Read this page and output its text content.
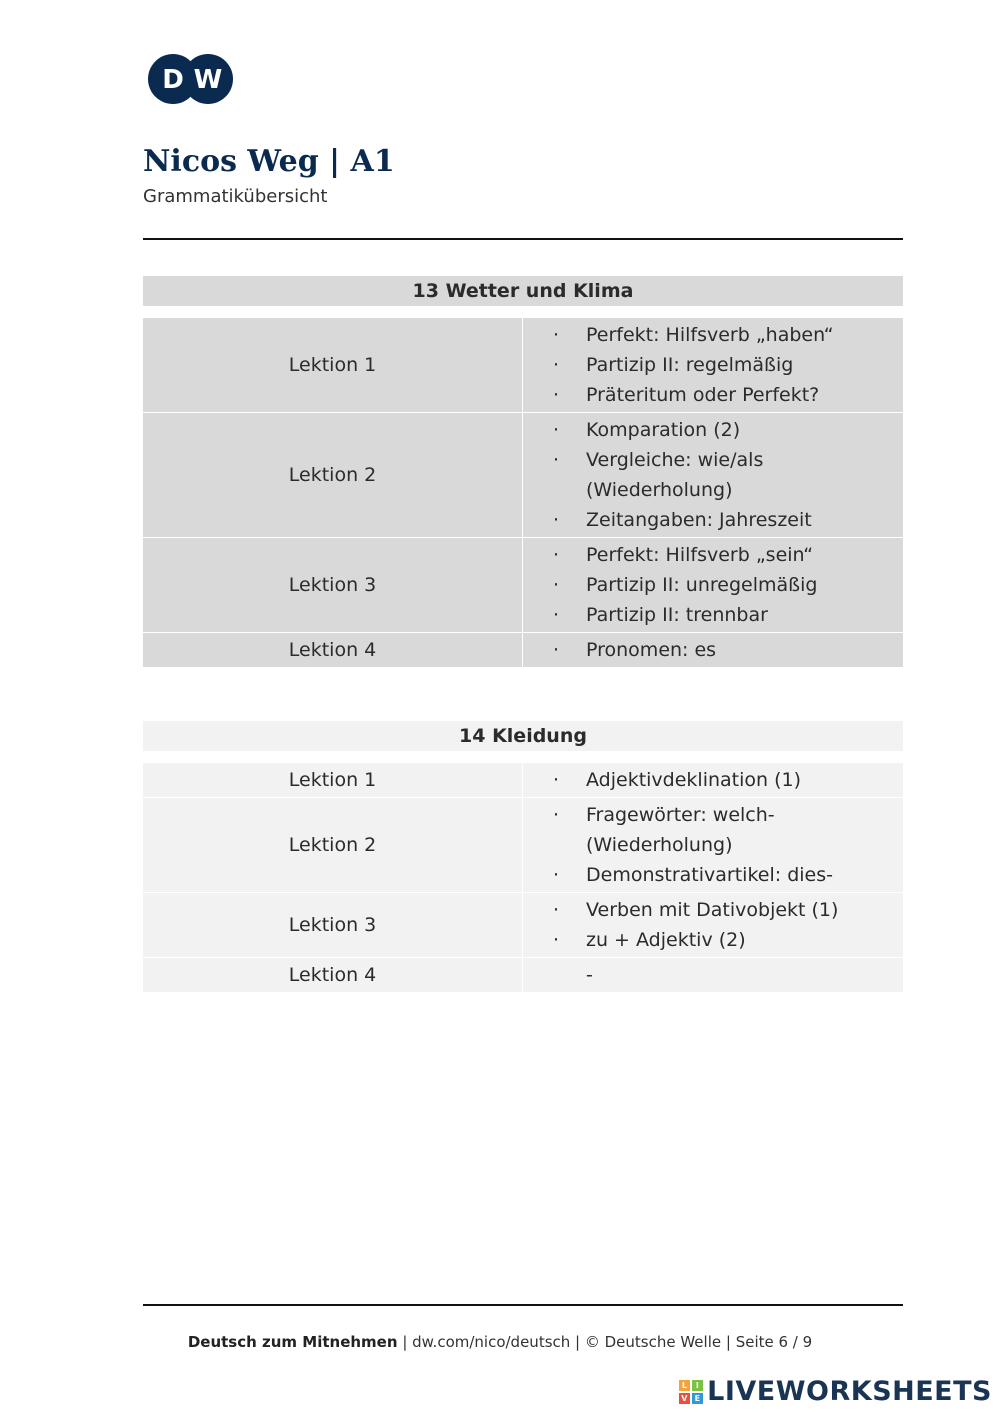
D W
Nicos Weg | A1
Grammatikübersicht
13 Wetter und Klima
Lektion 1
·	Perfekt: Hilfsverb „haben“
·	Partizip II: regelmäßig
·	Präteritum oder Perfekt?
Lektion 2
·	Komparation (2)
·	Vergleiche: wie/als (Wiederholung)
·	Zeitangaben: Jahreszeit
Lektion 3
·	Perfekt: Hilfsverb „sein“
·	Partizip II: unregelmäßig
·	Partizip II: trennbar
Lektion 4	·	Pronomen: es
14 Kleidung
Lektion 1	·	Adjektivdeklination (1)
Lektion 2
·	Fragewörter: welch- (Wiederholung)
·	Demonstrativartikel: dies-
Lektion 3
·	Verben mit Dativobjekt (1)
·	zu + Adjektiv (2)
Lektion 4	-
Deutsch zum Mitnehmen | dw.com/nico/deutsch | © Deutsche Welle | Seite 6 / 9
L	I
V E LIVEWORKSHEETS
